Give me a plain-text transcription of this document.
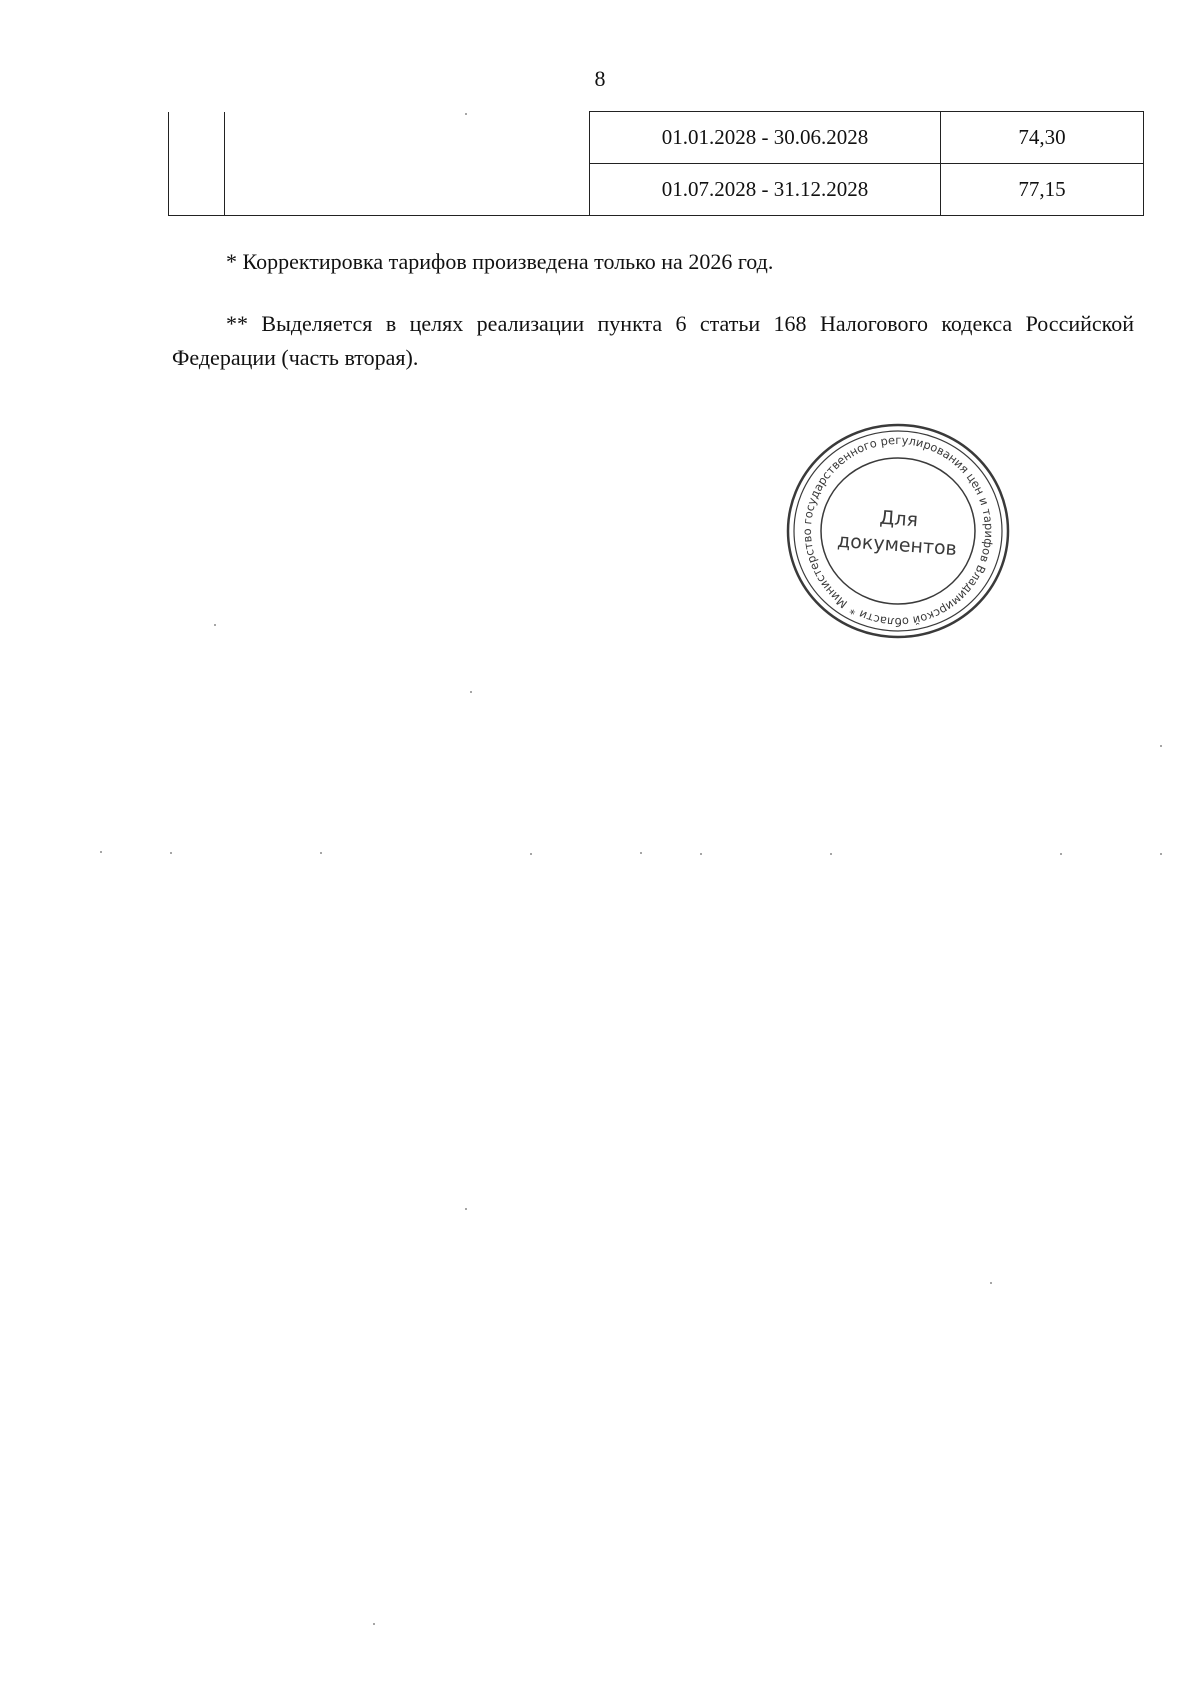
8
		01.01.2028 - 30.06.2028	74,30
		01.07.2028 - 31.12.2028	77,15
* Корректировка тарифов произведена только на 2026 год.
** Выделяется в целях реализации пункта 6 статьи 168 Налогового кодекса Российской Федерации (часть вторая).
Министерство государственного регулирования цен и тарифов Владимирской области *
Для
документов
